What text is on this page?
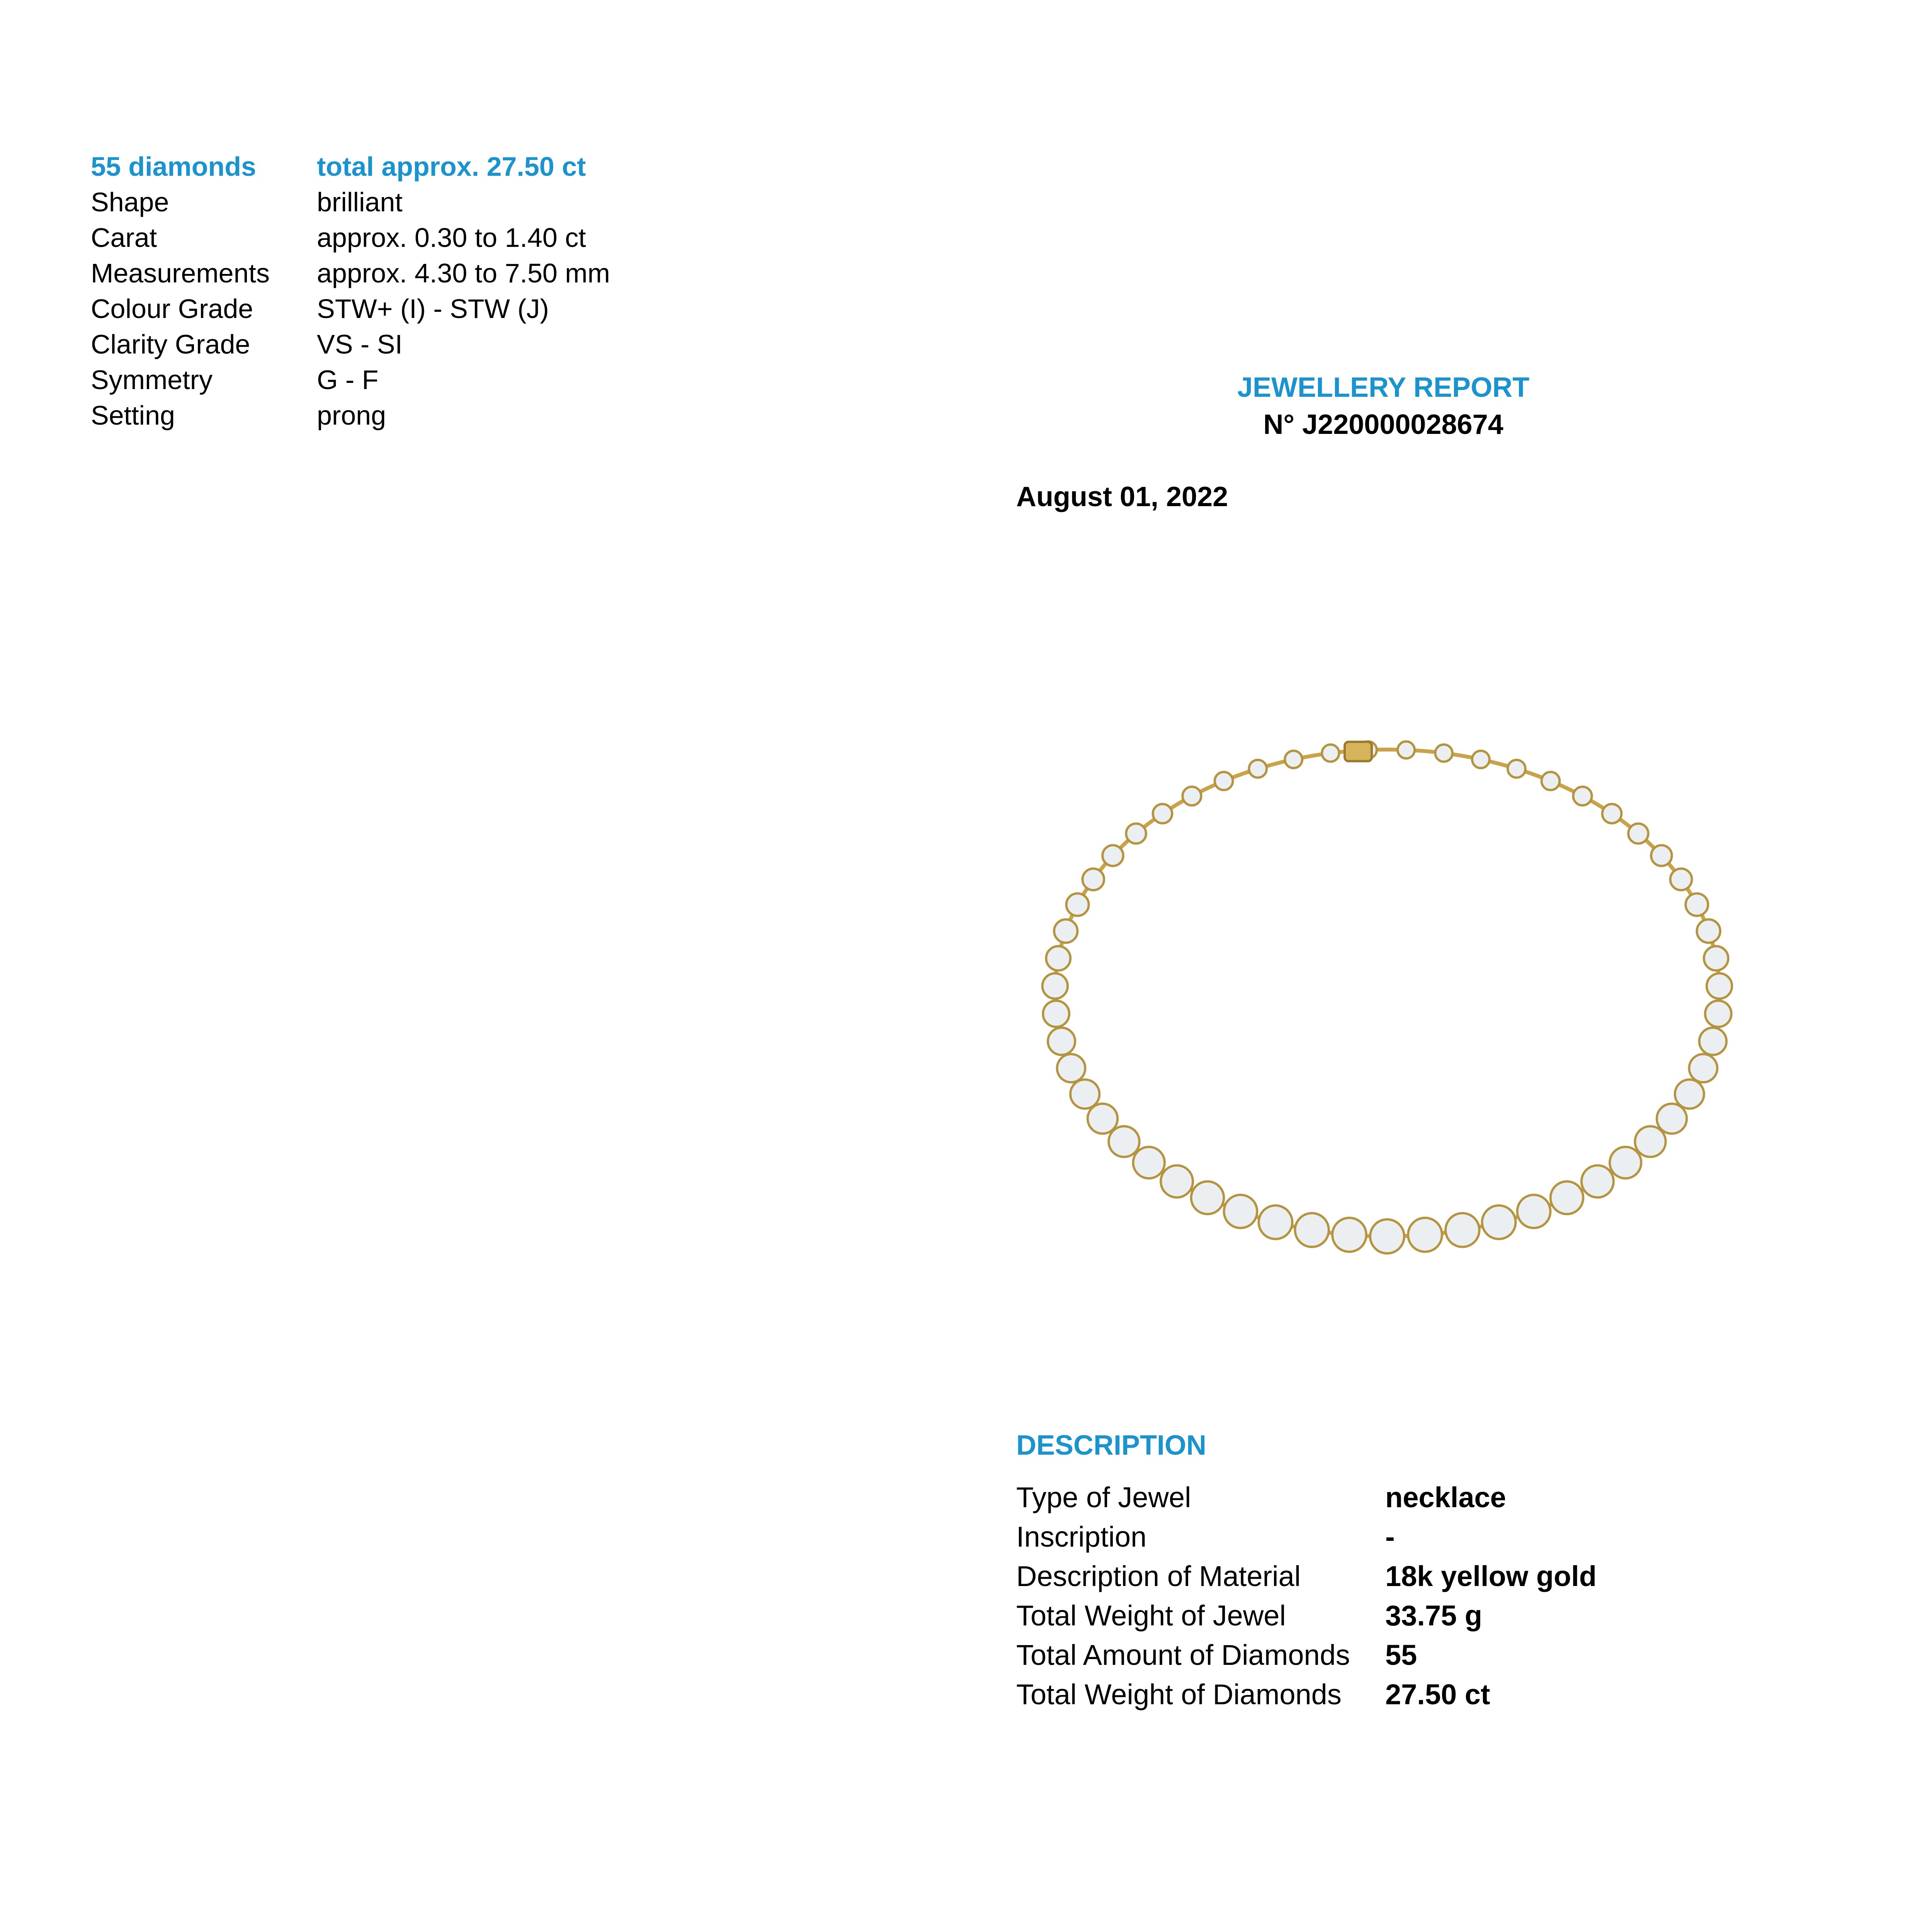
55 diamonds	total approx. 27.50 ct
Shape	brilliant
Carat	approx. 0.30 to 1.40 ct
Measurements	approx. 4.30 to 7.50 mm
Colour Grade	STW+ (I) - STW (J)
Clarity Grade	VS - SI
Symmetry	G - F
Setting	prong
JEWELLERY REPORT
N° J220000028674
August 01, 2022
DESCRIPTION
Type of Jewel	necklace
Inscription	-
Description of Material	18k yellow gold
Total Weight of Jewel	33.75 g
Total Amount of Diamonds	55
Total Weight of Diamonds	27.50 ct
